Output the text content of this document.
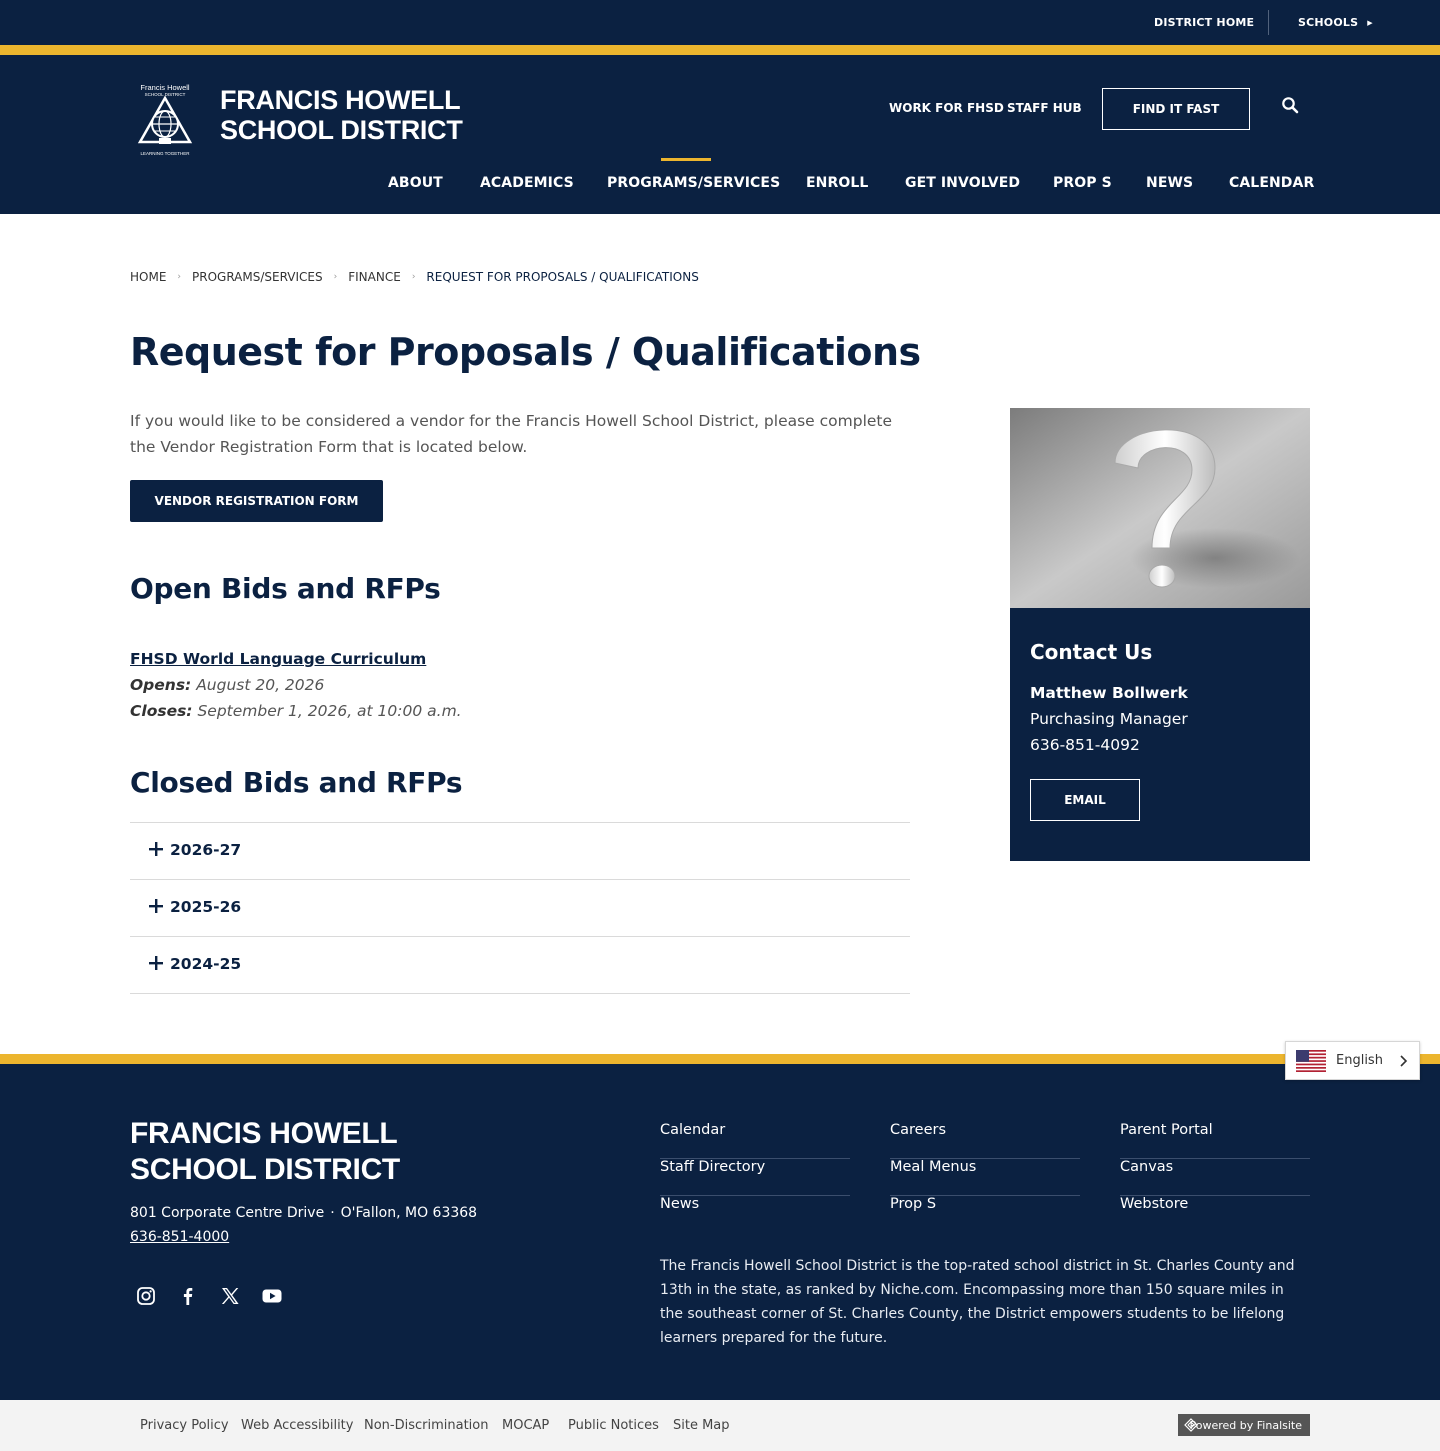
DISTRICT HOME	SCHOOLS ▶
Francis Howell
SCHOOL DISTRICT
LEARNING TOGETHER
FRANCIS HOWELL
SCHOOL DISTRICT
WORK FOR FHSD STAFF HUB	FIND IT FAST
ABOUT	ACADEMICS PROGRAMS/SERVICES ENROLL	GET INVOLVED PROP S NEWS	CALENDAR
HOME › PROGRAMS/SERVICES › FINANCE › REQUEST FOR PROPOSALS / QUALIFICATIONS
Request for Proposals / Qualifications

If you would like to be considered a vendor for the Francis Howell School District, please complete the Vendor Registration Form that is located below.

VENDOR REGISTRATION FORM
Open Bids and RFPs
FHSD World Language Curriculum
Opens: August 20, 2026
Closes: September 1, 2026, at 10:00 a.m.
Closed Bids and RFPs
2026-27
2025-26
2024-25
Contact Us
Matthew Bollwerk
Purchasing Manager
636-851-4092
EMAIL
FRANCIS HOWELL
SCHOOL DISTRICT
801 Corporate Centre Drive · O'Fallon, MO 63368
636-851-4000
Calendar
Staff Directory
News
Careers
Meal Menus
Prop S
Parent Portal
Canvas
Webstore

The Francis Howell School District is the top-rated school district in St. Charles County and 13th in the state, as ranked by Niche.com. Encompassing more than 150 square miles in the southeast corner of St. Charles County, the District empowers students to be lifelong learners prepared for the future.

English
Privacy Policy Web Accessibility Non-Discrimination MOCAP Public Notices Site Map	Powered by Finalsite
